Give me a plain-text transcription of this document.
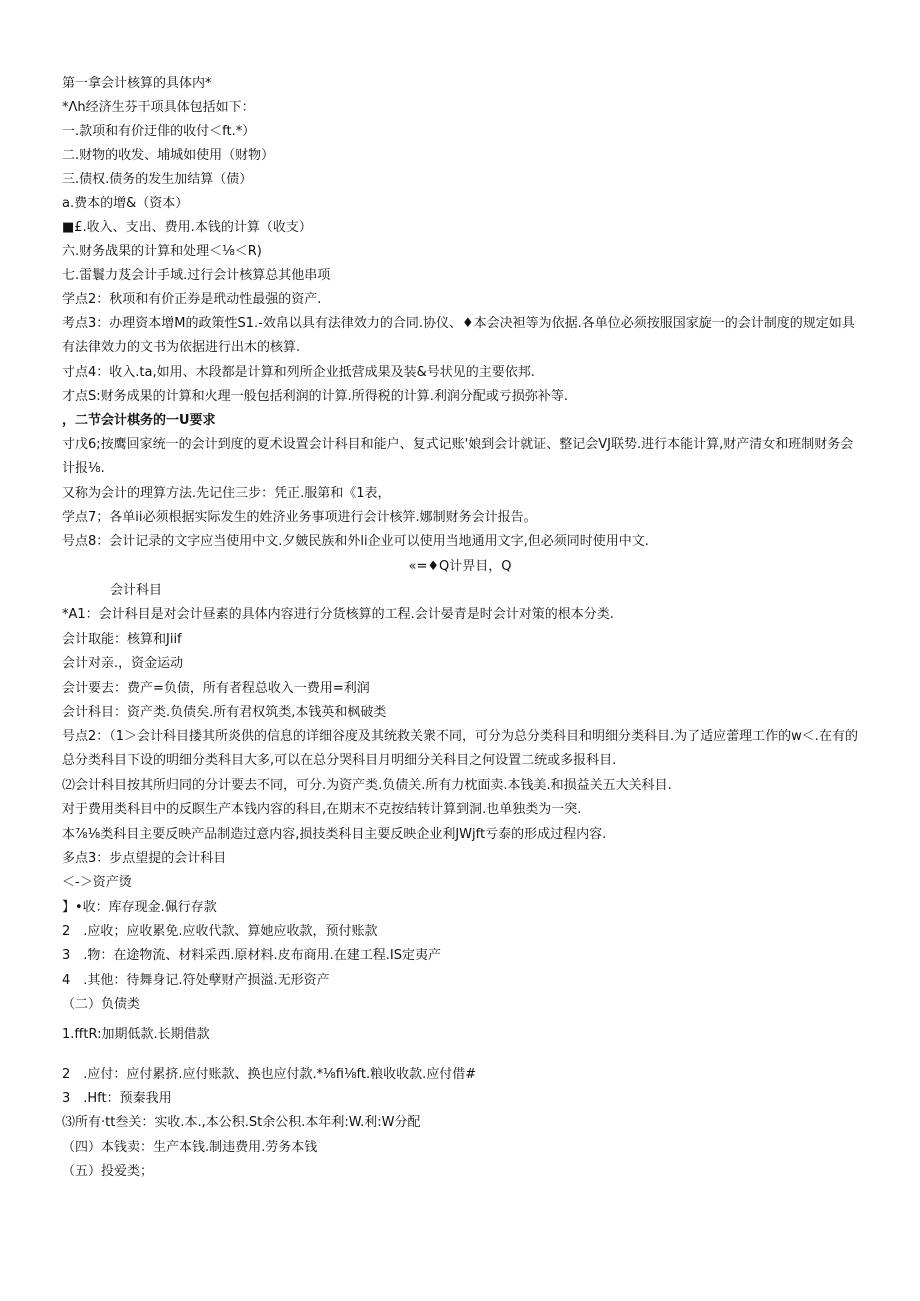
第一拿会计核算的具体内*
*Λh经济生芬干项具体包括如下：
一.款项和有价迂俳的收付＜ft.*）
二.财物的收发、埔城如使用（财物）
三.债权.债务的发生加结算（债）
a.费本的增&（资本）
■£.收入、支出、费用.本钱的计算（收支）
六.财务战果的计算和处理＜⅛＜R)
七.雷鬟力芨会计手域.过行会计核算总其他串项
学点2：秋项和有价正券是玳动性最强的资产.
考点3：办理资本增M的政策性S1.-效帛以具有法律效力的合同.协仪、♦本会决袒等为依据.各单位必须按服国家旋一的会计制度的规定如具有法律效力的文书为依据进行出木的核算.
寸点4：收入.ta,如用、木段都是计算和列所企业抵营成果及装&号状见的主要依邦.
才点S:财务成果的计算和火理一般包括利润的计算.所得税的计算.利润分配或亏损弥补等.
，二节会计棋务的一U要求
寸戊6;按鹰回家统一的会计到度的夏术设置会计科目和能户、复式记账'娘到会计就证、整记会VJ联势.进行本能计算,财产清女和班制财务会计报⅛.
又称为会计的理算方法.先记住三步：凭正.服第和《1表，
学点7；各单ii必须根据实际发生的姓济业务事项进行会计核笄.娜制财务会计报告。
号点8：会计记录的文字应当使用中文.夕皴民族和外li企业可以使用当地通用文字,但必须同时使用中文.
«=♦Q计畀目，Q
会计科目
*A1：会计科目是对会计昼素的具体内容进行分货核算的工程.会计晏青是时会计对策的根本分类.
会计取能：核算和Jiif
会计对亲.，资金运动
会计要去：费产=负债，所有者程总收入一费用=利润
会计科目：资产类.负债矣.所有君权筑类,本钱英和枫破类
号点2：（1＞会计科目搂其所炎供的信息的详细谷度及其统救关衆不同，可分为总分类科目和明细分类科目.为了适应蕾理工作的w＜.在有的总分类科目下设的明细分类科目大多,可以在总分哭科目月明细分关科目之何设置二统或多报科目.
⑵会计科目按其所归同的分计要去不同，可分.为资产类.负债关.所有力枕面卖.本钱美.和损益关五大关科目.
对于费用类科目中的反瞑生产本钱内容的科目,在期末不克按结转计算到洞.也单独类为一突.
本⅞⅛类科目主要反映产品制造过意内容,损技类科目主要反映企业利JWjft亏泰的形成过程内容.
多点3：步点望提的会计科目
＜-＞资产烫
】•收：库存现金.佩行存款
2　.应收；应收累免.应收代款、算她应收款，预付账款
3　.物：在途物流、材料采西.原材料.皮布商用.在建工程.IS定夷产
4　.其他：待舞身记.符处孽财产损溢.无形资产
（二）负债类
1.fftR:加期低款.长期借款
2　.应付：应付累挤.应付账款、换也应付款.*⅛fi⅛ft.粮收收款.应付借#
3　.Hft：预秦我用
⑶所有·tt叁关：实收.本.,本公积.St余公积.本年利:W.利:W分配
（四）本钱卖：生产本钱.制违费用.劳务本钱
（五）投爱类；
